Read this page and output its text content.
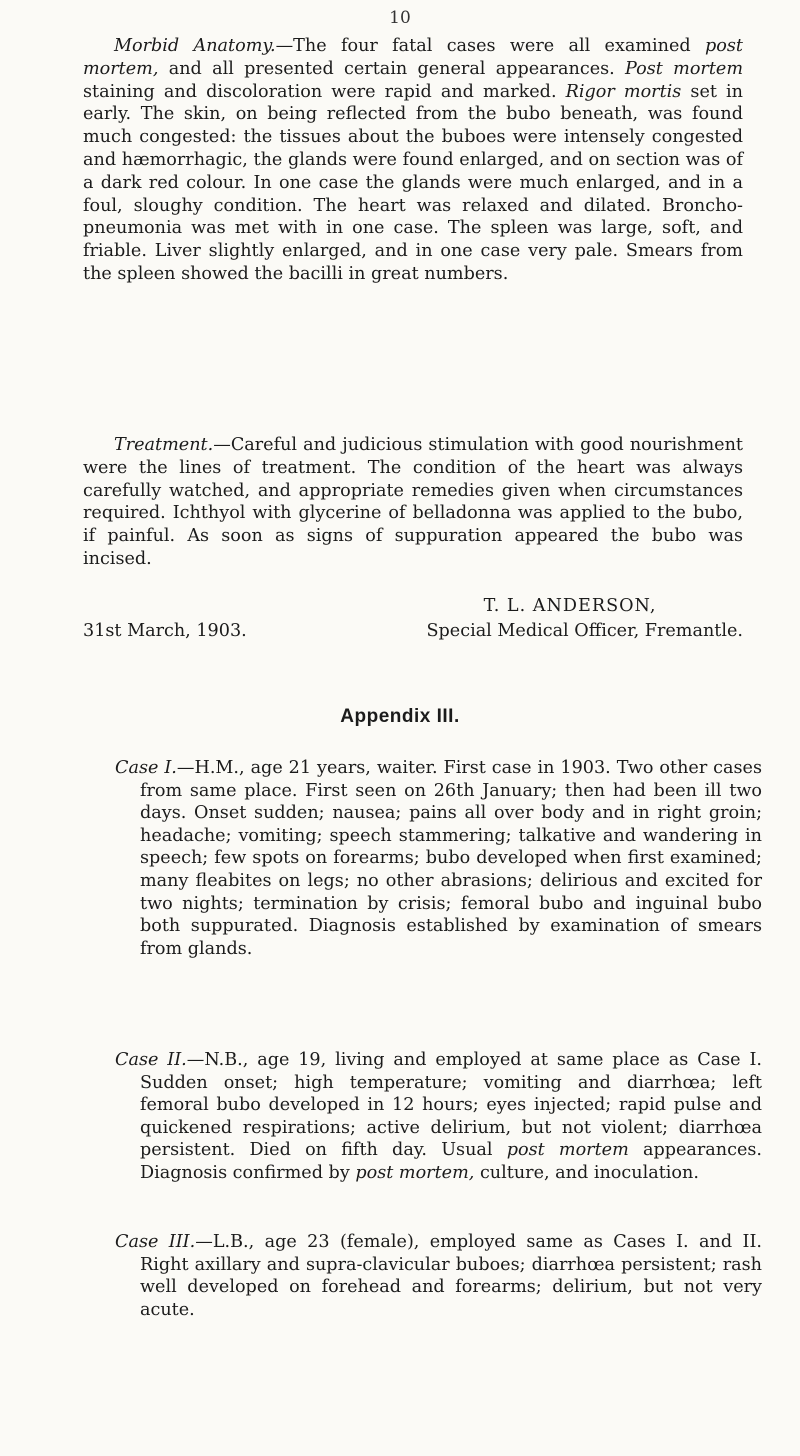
10

Morbid Anatomy.—The four fatal cases were all examined post mortem, and all presented certain general appearances. Post mortem staining and discoloration were rapid and marked. Rigor mortis set in early. The skin, on being reflected from the bubo beneath, was found much congested: the tissues about the buboes were intensely congested and hæmorrhagic, the glands were found enlarged, and on section was of a dark red colour. In one case the glands were much enlarged, and in a foul, sloughy condition. The heart was relaxed and dilated. Broncho-pneumonia was met with in one case. The spleen was large, soft, and friable. Liver slightly enlarged, and in one case very pale. Smears from the spleen showed the bacilli in great numbers.

Treatment.—Careful and judicious stimulation with good nourishment were the lines of treatment. The condition of the heart was always carefully watched, and appropriate remedies given when circumstances required. Ichthyol with glycerine of belladonna was applied to the bubo, if painful. As soon as signs of suppuration appeared the bubo was incised.

T. L. ANDERSON,
31st March, 1903.	Special Medical Officer, Fremantle.
Appendix III.

Case I.—H.M., age 21 years, waiter. First case in 1903. Two other cases from same place. First seen on 26th January; then had been ill two days. Onset sudden; nausea; pains all over body and in right groin; headache; vomiting; speech stammering; talkative and wandering in speech; few spots on forearms; bubo developed when first examined; many fleabites on legs; no other abrasions; delirious and excited for two nights; termination by crisis; femoral bubo and inguinal bubo both suppurated. Diagnosis established by examination of smears from glands.

Case II.—N.B., age 19, living and employed at same place as Case I. Sudden onset; high temperature; vomiting and diarrhœa; left femoral bubo developed in 12 hours; eyes injected; rapid pulse and quickened respirations; active delirium, but not violent; diarrhœa persistent. Died on fifth day. Usual post mortem appearances. Diagnosis confirmed by post mortem, culture, and inoculation.

Case III.—L.B., age 23 (female), employed same as Cases I. and II. Right axillary and supra-clavicular buboes; diarrhœa persistent; rash well developed on forehead and forearms; delirium, but not very acute.
